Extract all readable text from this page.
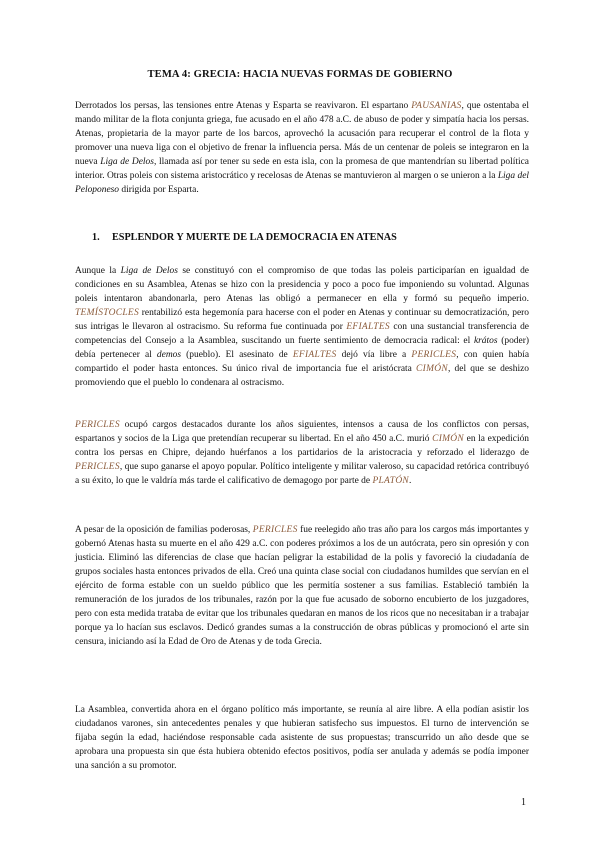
TEMA 4: GRECIA: HACIA NUEVAS FORMAS DE GOBIERNO

Derrotados los persas, las tensiones entre Atenas y Esparta se reavivaron. El espartano PAUSANIAS, que ostentaba el mando militar de la flota conjunta griega, fue acusado en el año 478 a.C. de abuso de poder y simpatía hacia los persas. Atenas, propietaria de la mayor parte de los barcos, aprovechó la acusación para recuperar el control de la flota y promover una nueva liga con el objetivo de frenar la influencia persa. Más de un centenar de poleis se integraron en la nueva Liga de Delos, llamada así por tener su sede en esta isla, con la promesa de que mantendrían su libertad política interior. Otras poleis con sistema aristocrático y recelosas de Atenas se mantuvieron al margen o se unieron a la Liga del Peloponeso dirigida por Esparta.

1. ESPLENDOR Y MUERTE DE LA DEMOCRACIA EN ATENAS

Aunque la Liga de Delos se constituyó con el compromiso de que todas las poleis participarían en igualdad de condiciones en su Asamblea, Atenas se hizo con la presidencia y poco a poco fue imponiendo su voluntad. Algunas poleis intentaron abandonarla, pero Atenas las obligó a permanecer en ella y formó su pequeño imperio. TEMÍSTOCLES rentabilizó esta hegemonía para hacerse con el poder en Atenas y continuar su democratización, pero sus intrigas le llevaron al ostracismo. Su reforma fue continuada por EFIALTES con una sustancial transferencia de competencias del Consejo a la Asamblea, suscitando un fuerte sentimiento de democracia radical: el krátos (poder) debía pertenecer al demos (pueblo). El asesinato de EFIALTES dejó vía libre a PERICLES, con quien había compartido el poder hasta entonces. Su único rival de importancia fue el aristócrata CIMÓN, del que se deshizo promoviendo que el pueblo lo condenara al ostracismo.

PERICLES ocupó cargos destacados durante los años siguientes, intensos a causa de los conflictos con persas, espartanos y socios de la Liga que pretendían recuperar su libertad. En el año 450 a.C. murió CIMÓN en la expedición contra los persas en Chipre, dejando huérfanos a los partidarios de la aristocracia y reforzado el liderazgo de PERICLES, que supo ganarse el apoyo popular. Político inteligente y militar valeroso, su capacidad retórica contribuyó a su éxito, lo que le valdría más tarde el calificativo de demagogo por parte de PLATÓN.

A pesar de la oposición de familias poderosas, PERICLES fue reelegido año tras año para los cargos más importantes y gobernó Atenas hasta su muerte en el año 429 a.C. con poderes próximos a los de un autócrata, pero sin opresión y con justicia. Eliminó las diferencias de clase que hacían peligrar la estabilidad de la polis y favoreció la ciudadanía de grupos sociales hasta entonces privados de ella. Creó una quinta clase social con ciudadanos humildes que servían en el ejército de forma estable con un sueldo público que les permitía sostener a sus familias. Estableció también la remuneración de los jurados de los tribunales, razón por la que fue acusado de soborno encubierto de los juzgadores, pero con esta medida trataba de evitar que los tribunales quedaran en manos de los ricos que no necesitaban ir a trabajar porque ya lo hacían sus esclavos. Dedicó grandes sumas a la construcción de obras públicas y promocionó el arte sin censura, iniciando así la Edad de Oro de Atenas y de toda Grecia.

La Asamblea, convertida ahora en el órgano político más importante, se reunía al aire libre. A ella podían asistir los ciudadanos varones, sin antecedentes penales y que hubieran satisfecho sus impuestos. El turno de intervención se fijaba según la edad, haciéndose responsable cada asistente de sus propuestas; transcurrido un año desde que se aprobara una propuesta sin que ésta hubiera obtenido efectos positivos, podía ser anulada y además se podía imponer una sanción a su promotor.

1
